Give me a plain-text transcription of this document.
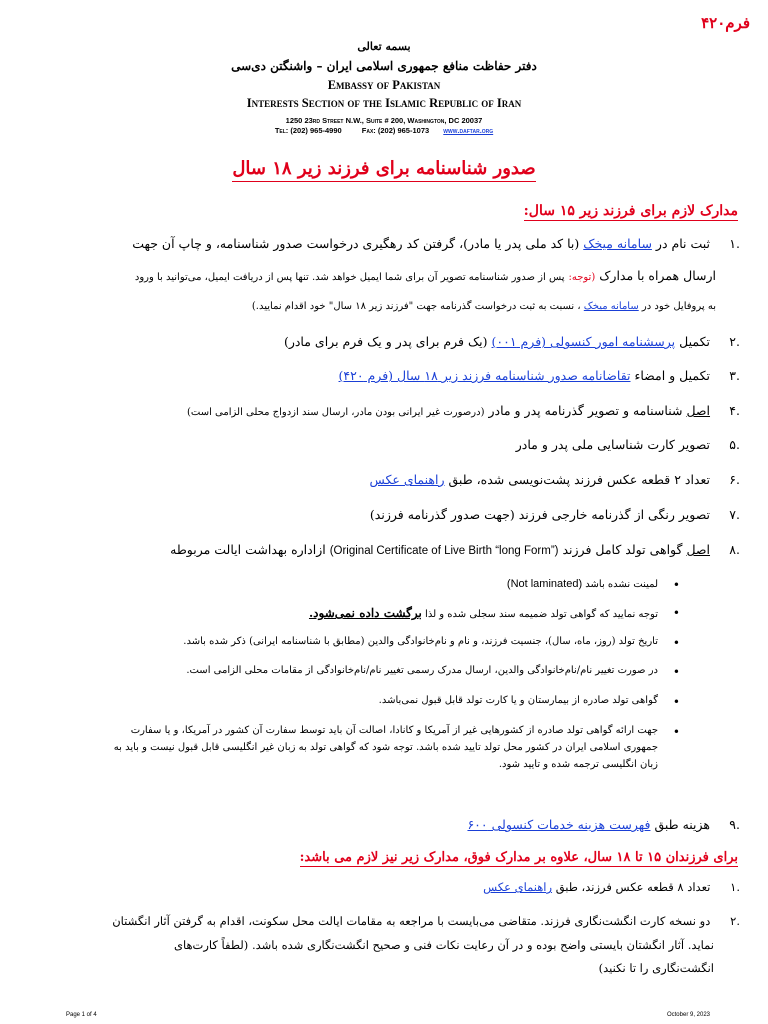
فرم۴۲۰
بسمه تعالی
دفتر حفاظت منافع جمهوری اسلامی ایران – واشنگتن دی‌سی
Embassy of Pakistan
Interests Section of the Islamic Republic of Iran
1250 23rd Street N.W., Suite # 200, Washington, DC 20037
Tel: (202) 965-4990	Fax: (202) 965-1073 www.daftar.org
صدور شناسنامه برای فرزند زیر ۱۸ سال
مدارک لازم برای فرزند زیر ۱۵ سال:
.۱ ثبت نام در سامانه میخک (با کد ملی پدر یا مادر)، گرفتن کد رهگیری درخواست صدور شناسنامه، و چاپ آن جهت
ارسال همراه با مدارک (توجه: پس از صدور شناسنامه تصویر آن برای شما ایمیل خواهد شد. تنها پس از دریافت ایمیل، می‌توانید با ورود
به پروفایل خود در سامانه میخک ، نسبت به ثبت درخواست گذرنامه جهت "فرزند زیر ۱۸ سال" خود اقدام نمایید.)
.۲ تکمیل پرسشنامه امور کنسولی (فرم ۰۰۱) (یک فرم برای پدر و یک فرم برای مادر)
.۳ تکمیل و امضاء تقاضانامه صدور شناسنامه فرزند زیر ۱۸ سال (فرم ۴۲۰)
.۴ اصل شناسنامه و تصویر گذرنامه پدر و مادر (درصورت غیر ایرانی بودن مادر، ارسال سند ازدواج محلی الزامی است)
.۵ تصویر کارت شناسایی ملی پدر و مادر
.۶ تعداد ۲ قطعه عکس فرزند پشت‌نویسی شده، طبق راهنمای عکس
.۷ تصویر رنگی از گذرنامه خارجی فرزند (جهت صدور گذرنامه فرزند)
.۸ اصل گواهی تولد کامل فرزند (Original Certificate of Live Birth “long Form”) ازاداره بهداشت ایالت مربوطه
• لمینت نشده باشد (Not laminated)
• توجه نمایید که گواهی تولد ضمیمه سند سجلی شده و لذا برگشت داده نمی‌شود.
• تاریخ تولد (روز، ماه، سال)، جنسیت فرزند، و نام و نام‌خانوادگی والدین (مطابق با شناسنامه ایرانی) ذکر شده باشد.
• در صورت تغییر نام/نام‌خانوادگی والدین، ارسال مدرک رسمی تغییر نام/نام‌خانوادگی از مقامات محلی الزامی است.
• گواهی تولد صادره از بیمارستان و یا کارت تولد قابل قبول نمی‌باشد.
• جهت ارائه گواهی تولد صادره از کشورهایی غیر از آمریکا و کانادا، اصالت آن باید توسط سفارت آن کشور در آمریکا، و یا سفارت
جمهوری اسلامی ایران در کشور محل تولد تایید شده باشد. توجه شود که گواهی تولد به زبان غیر انگلیسی قابل قبول نیست و باید به
زبان انگلیسی ترجمه شده و تایید شود.
.۹ هزینه طبق فهرست هزینه خدمات کنسولی ۶۰۰
برای فرزندان ۱۵ تا ۱۸ سال، علاوه بر مدارک فوق، مدارک زیر نیز لازم می باشد:
.۱ تعداد ۸ قطعه عکس فرزند، طبق راهنمای عکس
.۲ دو نسخه کارت انگشت‌نگاری فرزند. متقاضی می‌بایست با مراجعه به مقامات ایالت محل سکونت، اقدام به گرفتن آثار انگشتان
نماید. آثار انگشتان بایستی واضح بوده و در آن رعایت نکات فنی و صحیح انگشت‌نگاری شده باشد. (لطفاً کارت‌های
انگشت‌نگاری را تا نکنید)
Page 1 of 4	October 9, 2023
